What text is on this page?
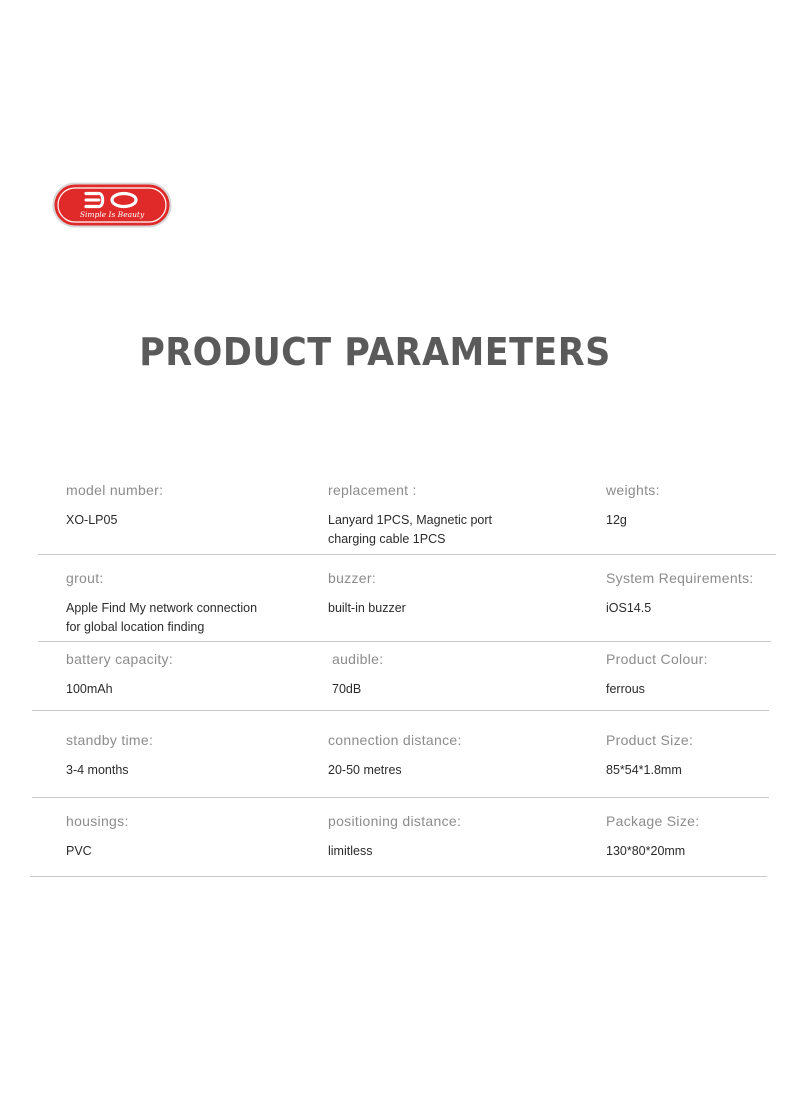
Simple Is Beauty
PRODUCT PARAMETERS
model number:
XO-LP05
replacement :
Lanyard 1PCS, Magnetic port
charging cable 1PCS
weights:
12g
grout:
Apple Find My network connection
for global location finding
buzzer:
built-in buzzer
System Requirements:
iOS14.5
battery capacity:
100mAh
audible:
70dB
Product Colour:
ferrous
standby time:
3-4 months
connection distance:
20-50 metres
Product Size:
85*54*1.8mm
housings:
PVC
positioning distance:
limitless
Package Size:
130*80*20mm
